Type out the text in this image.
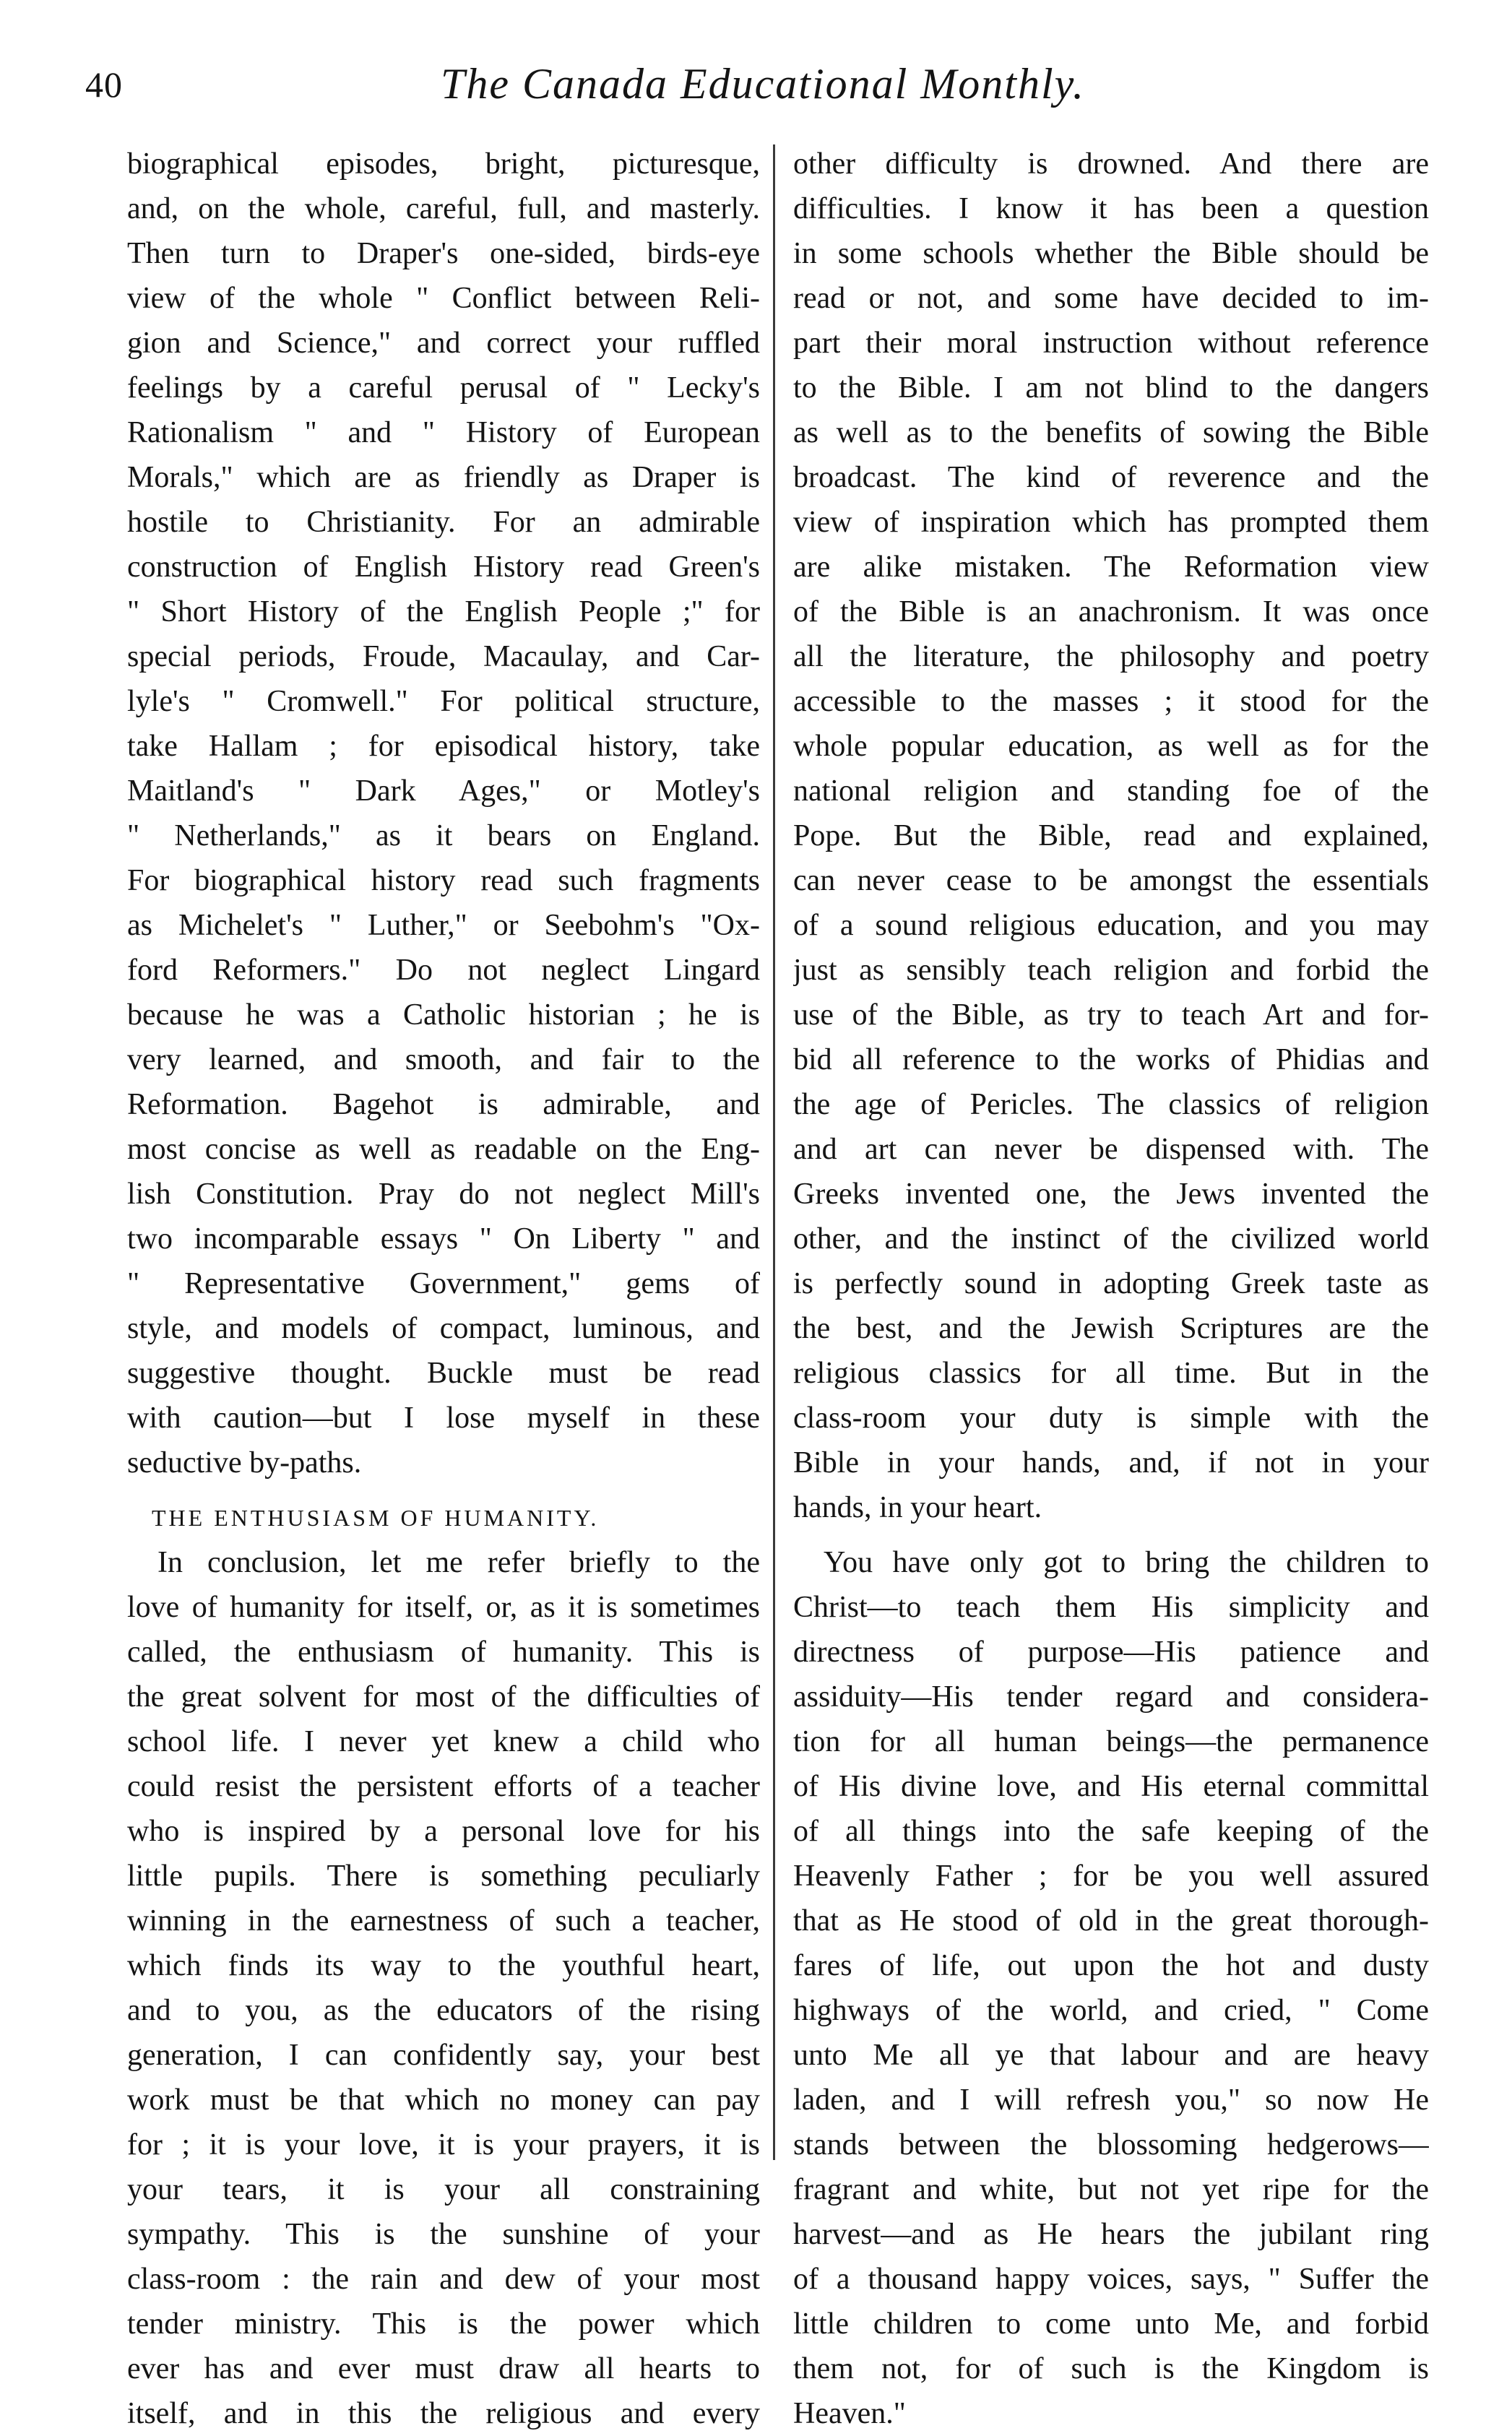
40	The Canada Educational Monthly.
biographical episodes, bright, picturesque,
and, on the whole, careful, full, and masterly.
Then turn to Draper's one-sided, birds-eye
view of the whole " Conflict between Reli-
gion and Science," and correct your ruffled
feelings by a careful perusal of " Lecky's
Rationalism " and " History of European
Morals," which are as friendly as Draper is
hostile to Christianity. For an admirable
construction of English History read Green's
" Short History of the English People ;" for
special periods, Froude, Macaulay, and Car-
lyle's " Cromwell." For political structure,
take Hallam ; for episodical history, take
Maitland's " Dark Ages," or Motley's
" Netherlands," as it bears on England.
For biographical history read such fragments
as Michelet's " Luther," or Seebohm's "Ox-
ford Reformers." Do not neglect Lingard
because he was a Catholic historian ; he is
very learned, and smooth, and fair to the
Reformation. Bagehot is admirable, and
most concise as well as readable on the Eng-
lish Constitution. Pray do not neglect Mill's
two incomparable essays " On Liberty " and
" Representative Government," gems of
style, and models of compact, luminous, and
suggestive thought. Buckle must be read
with caution—but I lose myself in these
seductive by-paths.
THE ENTHUSIASM OF HUMANITY.
In conclusion, let me refer briefly to the
love of humanity for itself, or, as it is sometimes
called, the enthusiasm of humanity. This is
the great solvent for most of the difficulties of
school life. I never yet knew a child who
could resist the persistent efforts of a teacher
who is inspired by a personal love for his
little pupils. There is something peculiarly
winning in the earnestness of such a teacher,
which finds its way to the youthful heart,
and to you, as the educators of the rising
generation, I can confidently say, your best
work must be that which no money can pay
for ; it is your love, it is your prayers, it is
your tears, it is your all constraining
sympathy. This is the sunshine of your
class-room : the rain and dew of your most
tender ministry. This is the power which
ever has and ever must draw all hearts to
itself, and in this the religious and every
other difficulty is drowned. And there are
difficulties. I know it has been a question
in some schools whether the Bible should be
read or not, and some have decided to im-
part their moral instruction without reference
to the Bible. I am not blind to the dangers
as well as to the benefits of sowing the Bible
broadcast. The kind of reverence and the
view of inspiration which has prompted them
are alike mistaken. The Reformation view
of the Bible is an anachronism. It was once
all the literature, the philosophy and poetry
accessible to the masses ; it stood for the
whole popular education, as well as for the
national religion and standing foe of the
Pope. But the Bible, read and explained,
can never cease to be amongst the essentials
of a sound religious education, and you may
just as sensibly teach religion and forbid the
use of the Bible, as try to teach Art and for-
bid all reference to the works of Phidias and
the age of Pericles. The classics of religion
and art can never be dispensed with. The
Greeks invented one, the Jews invented the
other, and the instinct of the civilized world
is perfectly sound in adopting Greek taste as
the best, and the Jewish Scriptures are the
religious classics for all time. But in the
class-room your duty is simple with the
Bible in your hands, and, if not in your
hands, in your heart.
You have only got to bring the children to
Christ—to teach them His simplicity and
directness of purpose—His patience and
assiduity—His tender regard and considera-
tion for all human beings—the permanence
of His divine love, and His eternal committal
of all things into the safe keeping of the
Heavenly Father ; for be you well assured
that as He stood of old in the great thorough-
fares of life, out upon the hot and dusty
highways of the world, and cried, " Come
unto Me all ye that labour and are heavy
laden, and I will refresh you," so now He
stands between the blossoming hedgerows—
fragrant and white, but not yet ripe for the
harvest—and as He hears the jubilant ring
of a thousand happy voices, says, " Suffer the
little children to come unto Me, and forbid
them not, for of such is the Kingdom is
Heaven."
